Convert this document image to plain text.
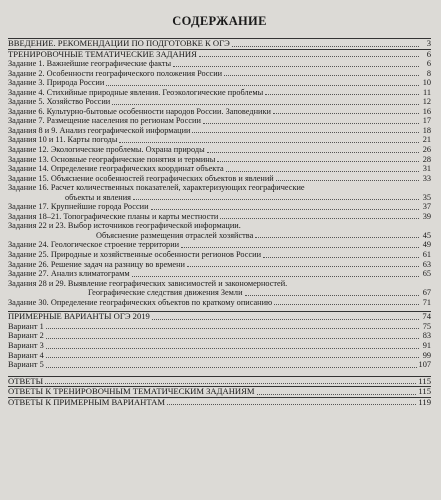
СОДЕРЖАНИЕ
ВВЕДЕНИЕ. РЕКОМЕНДАЦИИ ПО ПОДГОТОВКЕ К ОГЭ	3
ТРЕНИРОВОЧНЫЕ ТЕМАТИЧЕСКИЕ ЗАДАНИЯ	6
Задание 1. Важнейшие географические факты	6
Задание 2. Особенности географического положения России	8
Задание 3. Природа России	10
Задание 4. Стихийные природные явления. Геоэкологические проблемы	11
Задание 5. Хозяйство России	12
Задание 6. Культурно-бытовые особенности народов России. Заповедники	16
Задание 7. Размещение населения по регионам России	17
Задания 8 и 9. Анализ географической информации	18
Задания 10 и 11. Карты погоды	21
Задание 12. Экологические проблемы. Охрана природы	26
Задание 13. Основные географические понятия и термины	28
Задание 14. Определение географических координат объекта	31
Задание 15. Объяснение особенностей географических объектов и явлений	33
Задание 16. Расчет количественных показателей, характеризующих географические
объекты и явления	35
Задание 17. Крупнейшие города России	37
Задания 18–21. Топографические планы и карты местности	39
Задания 22 и 23. Выбор источников географической информации.
Объяснение размещения отраслей хозяйства	45
Задание 24. Геологическое строение территории	49
Задание 25. Природные и хозяйственные особенности регионов России	61
Задание 26. Решение задач на разницу во времени	63
Задание 27. Анализ климатограмм	65
Задания 28 и 29. Выявление географических зависимостей и закономерностей.
Географические следствия движения Земли	67
Задание 30. Определение географических объектов по краткому описанию	71
ПРИМЕРНЫЕ ВАРИАНТЫ ОГЭ 2019	74
Вариант 1	75
Вариант 2	83
Вариант 3	91
Вариант 4	99
Вариант 5	107
ОТВЕТЫ	115
ОТВЕТЫ К ТРЕНИРОВОЧНЫМ ТЕМАТИЧЕСКИМ ЗАДАНИЯМ	115
ОТВЕТЫ К ПРИМЕРНЫМ ВАРИАНТАМ	119
